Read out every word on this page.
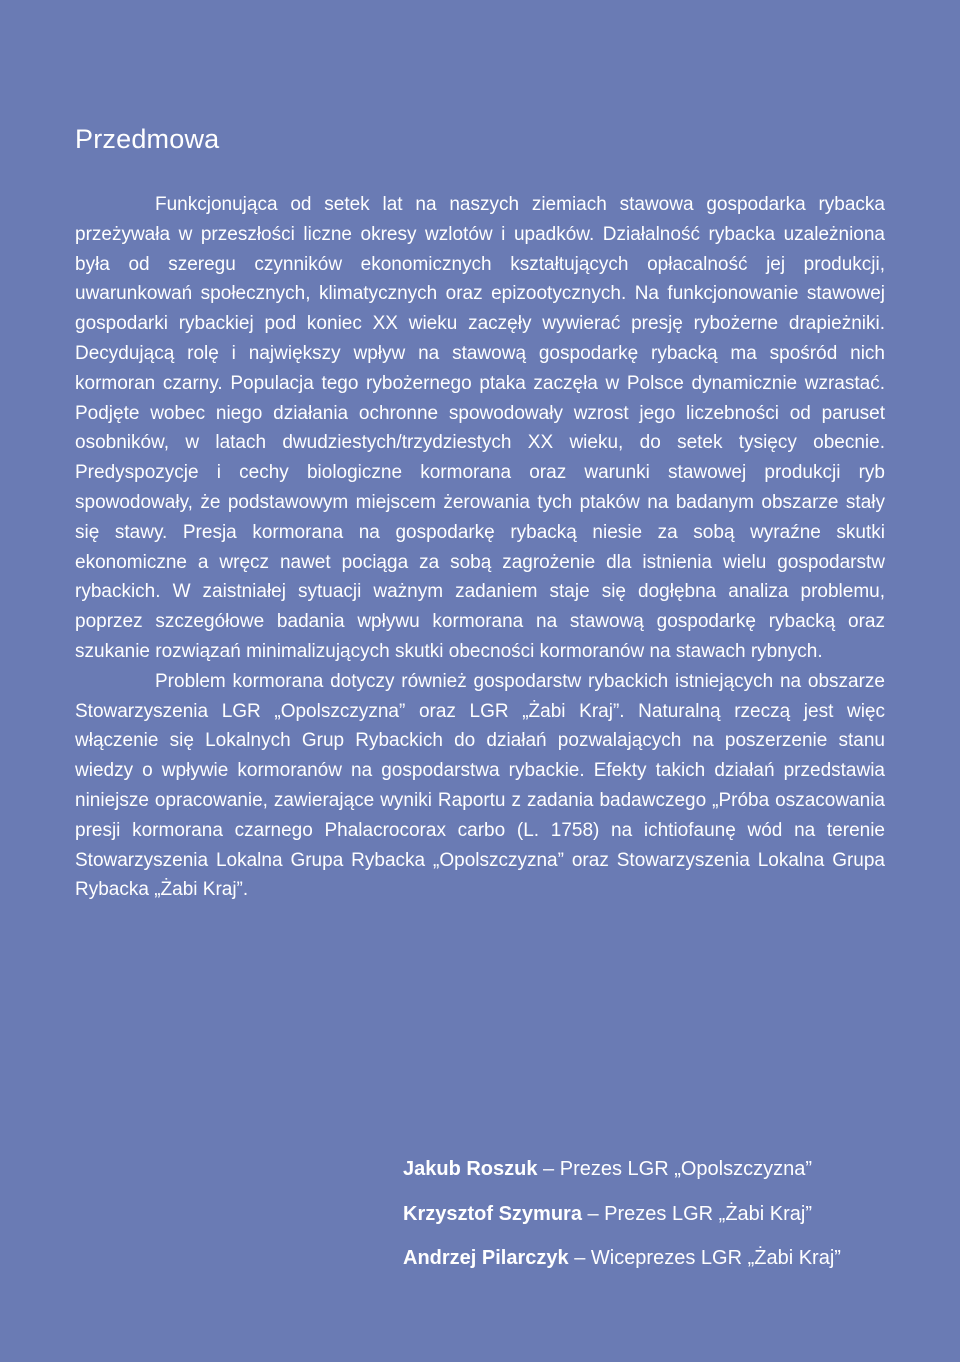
Przedmowa

Funkcjonująca od setek lat na naszych ziemiach stawowa gospodarka rybacka przeżywała w przeszłości liczne okresy wzlotów i upadków. Działalność rybacka uzależniona była od szeregu czynników ekonomicznych kształtujących opłacalność jej produkcji, uwarunkowań społecznych, klimatycznych oraz epizootycznych. Na funkcjonowanie stawowej gospodarki rybackiej pod koniec XX wieku zaczęły wywierać presję rybożerne drapieżniki. Decydującą rolę i największy wpływ na stawową gospodarkę rybacką ma spośród nich kormoran czarny. Populacja tego rybożernego ptaka zaczęła w Polsce dynamicznie wzrastać. Podjęte wobec niego działania ochronne spowodowały wzrost jego liczebności od paruset osobników, w latach dwudziestych/trzydziestych XX wieku, do setek tysięcy obecnie. Predyspozycje i cechy biologiczne kormorana oraz warunki stawowej produkcji ryb spowodowały, że podstawowym miejscem żerowania tych ptaków na badanym obszarze stały się stawy. Presja kormorana na gospodarkę rybacką niesie za sobą wyraźne skutki ekonomiczne a wręcz nawet pociąga za sobą zagrożenie dla istnienia wielu gospodarstw rybackich. W zaistniałej sytuacji ważnym zadaniem staje się dogłębna analiza problemu, poprzez szczegółowe badania wpływu kormorana na stawową gospodarkę rybacką oraz szukanie rozwiązań minimalizujących skutki obecności kormoranów na stawach rybnych.

Problem kormorana dotyczy również gospodarstw rybackich istniejących na obszarze Stowarzyszenia LGR „Opolszczyzna” oraz LGR „Żabi Kraj”. Naturalną rzeczą jest więc włączenie się Lokalnych Grup Rybackich do działań pozwalających na poszerzenie stanu wiedzy o wpływie kormoranów na gospodarstwa rybackie. Efekty takich działań przedstawia niniejsze opracowanie, zawierające wyniki Raportu z zadania badawczego „Próba oszacowania presji kormorana czarnego Phalacrocorax carbo (L. 1758) na ichtiofaunę wód na terenie Stowarzyszenia Lokalna Grupa Rybacka „Opolszczyzna” oraz Stowarzyszenia Lokalna Grupa Rybacka „Żabi Kraj”.

Jakub Roszuk – Prezes LGR „Opolszczyzna”
Krzysztof Szymura – Prezes LGR „Żabi Kraj”
Andrzej Pilarczyk – Wiceprezes LGR „Żabi Kraj”
